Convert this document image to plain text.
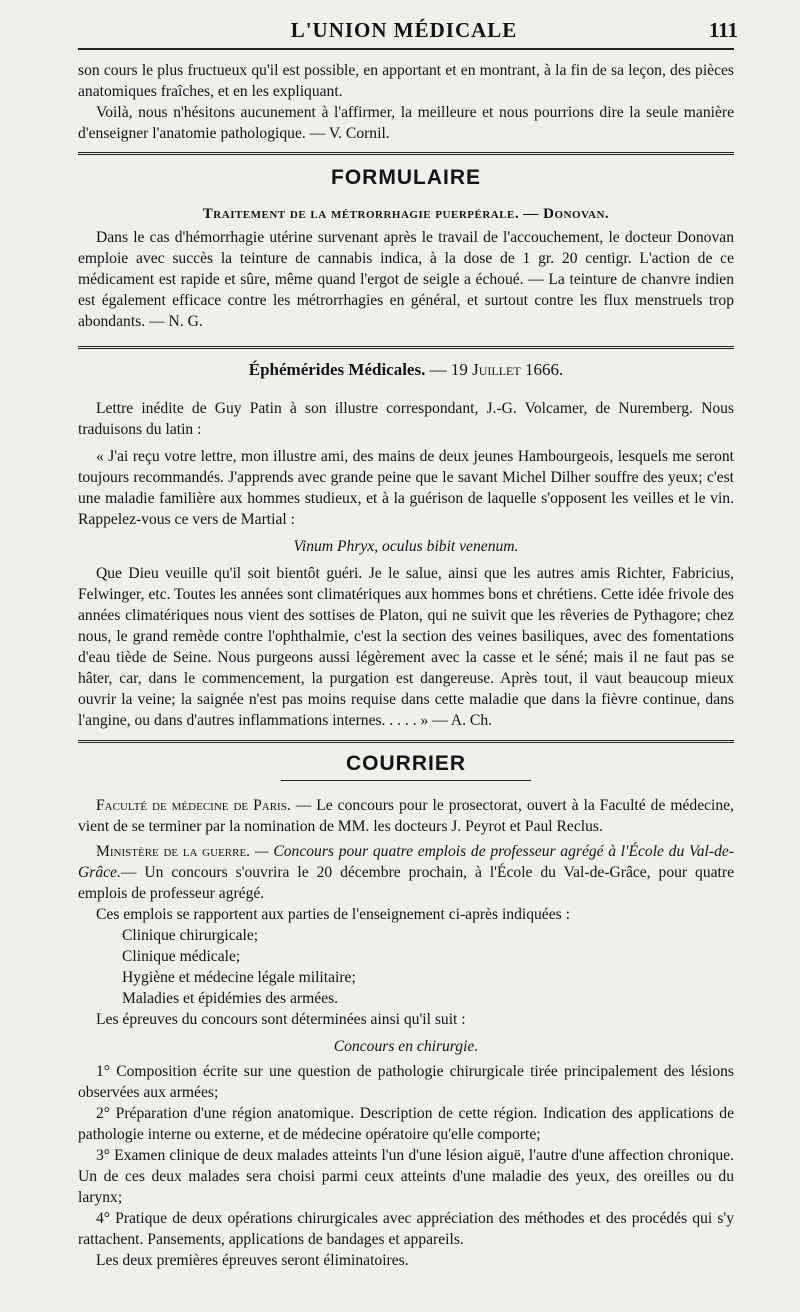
L'UNION MÉDICALE	111

son cours le plus fructueux qu'il est possible, en apportant et en montrant, à la fin de sa leçon, des pièces anatomiques fraîches, et en les expliquant.

Voilà, nous n'hésitons aucunement à l'affirmer, la meilleure et nous pourrions dire la seule manière d'enseigner l'anatomie pathologique. — V. Cornil.

FORMULAIRE
Traitement de la métrorrhagie puerpérale. — Donovan.

Dans le cas d'hémorrhagie utérine survenant après le travail de l'accouchement, le docteur Donovan emploie avec succès la teinture de cannabis indica, à la dose de 1 gr. 20 centigr. L'action de ce médicament est rapide et sûre, même quand l'ergot de seigle a échoué. — La teinture de chanvre indien est également efficace contre les métrorrhagies en général, et surtout contre les flux menstruels trop abondants. — N. G.

Éphémérides Médicales. — 19 Juillet 1666.

Lettre inédite de Guy Patin à son illustre correspondant, J.-G. Volcamer, de Nuremberg. Nous traduisons du latin :

« J'ai reçu votre lettre, mon illustre ami, des mains de deux jeunes Hambourgeois, lesquels me seront toujours recommandés. J'apprends avec grande peine que le savant Michel Dilher souffre des yeux; c'est une maladie familière aux hommes studieux, et à la guérison de laquelle s'opposent les veilles et le vin. Rappelez-vous ce vers de Martial :

Vinum Phryx, oculus bibit venenum.

Que Dieu veuille qu'il soit bientôt guéri. Je le salue, ainsi que les autres amis Richter, Fabricius, Felwinger, etc. Toutes les années sont climatériques aux hommes bons et chrétiens. Cette idée frivole des années climatériques nous vient des sottises de Platon, qui ne suivit que les rêveries de Pythagore; chez nous, le grand remède contre l'ophthalmie, c'est la section des veines basiliques, avec des fomentations d'eau tiède de Seine. Nous purgeons aussi légèrement avec la casse et le séné; mais il ne faut pas se hâter, car, dans le commencement, la purgation est dangereuse. Après tout, il vaut beaucoup mieux ouvrir la veine; la saignée n'est pas moins requise dans cette maladie que dans la fièvre continue, dans l'angine, ou dans d'autres inflammations internes. . . . . » — A. Ch.

COURRIER

Faculté de médecine de Paris. — Le concours pour le prosectorat, ouvert à la Faculté de médecine, vient de se terminer par la nomination de MM. les docteurs J. Peyrot et Paul Reclus.

Ministère de la guerre. — Concours pour quatre emplois de professeur agrégé à l'École du Val-de-Grâce.— Un concours s'ouvrira le 20 décembre prochain, à l'École du Val-de-Grâce, pour quatre emplois de professeur agrégé.

Ces emplois se rapportent aux parties de l'enseignement ci-après indiquées :

Clinique chirurgicale;

Clinique médicale;

Hygiène et médecine légale militaire;

Maladies et épidémies des armées.

Les épreuves du concours sont déterminées ainsi qu'il suit :

Concours en chirurgie.

1° Composition écrite sur une question de pathologie chirurgicale tirée principalement des lésions observées aux armées;

2° Préparation d'une région anatomique. Description de cette région. Indication des applications de pathologie interne ou externe, et de médecine opératoire qu'elle comporte;

3° Examen clinique de deux malades atteints l'un d'une lésion aiguë, l'autre d'une affection chronique. Un de ces deux malades sera choisi parmi ceux atteints d'une maladie des yeux, des oreilles ou du larynx;

4° Pratique de deux opérations chirurgicales avec appréciation des méthodes et des procédés qui s'y rattachent. Pansements, applications de bandages et appareils.

Les deux premières épreuves seront éliminatoires.
